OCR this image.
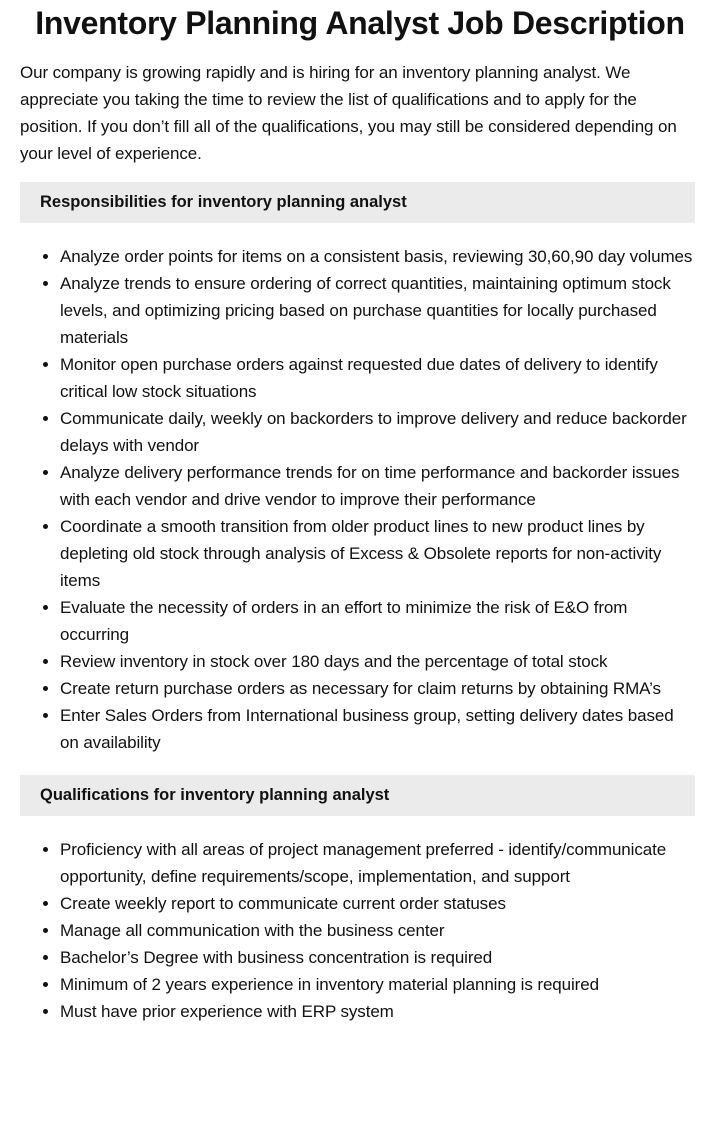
Inventory Planning Analyst Job Description

Our company is growing rapidly and is hiring for an inventory planning analyst. We appreciate you taking the time to review the list of qualifications and to apply for the position. If you don’t fill all of the qualifications, you may still be considered depending on your level of experience.

Responsibilities for inventory planning analyst
• Analyze order points for items on a consistent basis, reviewing 30,60,90 day volumes
• Analyze trends to ensure ordering of correct quantities, maintaining optimum stock levels, and optimizing pricing based on purchase quantities for locally purchased materials
• Monitor open purchase orders against requested due dates of delivery to identify critical low stock situations
• Communicate daily, weekly on backorders to improve delivery and reduce backorder delays with vendor
• Analyze delivery performance trends for on time performance and backorder issues with each vendor and drive vendor to improve their performance
• Coordinate a smooth transition from older product lines to new product lines by depleting old stock through analysis of Excess & Obsolete reports for non-activity items
• Evaluate the necessity of orders in an effort to minimize the risk of E&O from occurring
• Review inventory in stock over 180 days and the percentage of total stock
• Create return purchase orders as necessary for claim returns by obtaining RMA’s
• Enter Sales Orders from International business group, setting delivery dates based on availability
Qualifications for inventory planning analyst
• Proficiency with all areas of project management preferred - identify/communicate opportunity, define requirements/scope, implementation, and support
• Create weekly report to communicate current order statuses
• Manage all communication with the business center
• Bachelor’s Degree with business concentration is required
• Minimum of 2 years experience in inventory material planning is required
• Must have prior experience with ERP system
